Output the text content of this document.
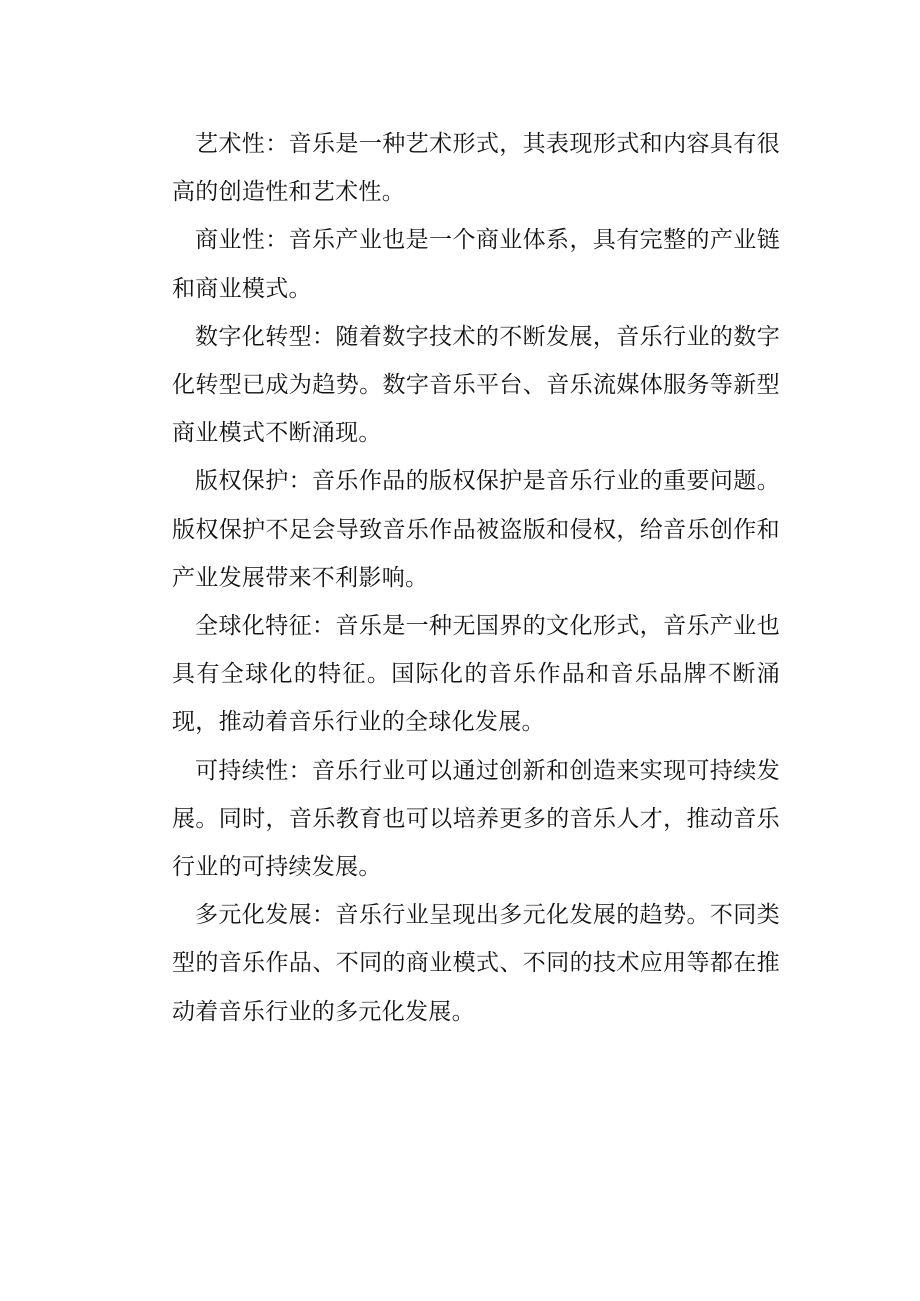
艺术性：音乐是一种艺术形式，其表现形式和内容具有很高的创造性和艺术性。

商业性：音乐产业也是一个商业体系，具有完整的产业链和商业模式。

数字化转型：随着数字技术的不断发展，音乐行业的数字化转型已成为趋势。数字音乐平台、音乐流媒体服务等新型商业模式不断涌现。

版权保护：音乐作品的版权保护是音乐行业的重要问题。版权保护不足会导致音乐作品被盗版和侵权，给音乐创作和产业发展带来不利影响。

全球化特征：音乐是一种无国界的文化形式，音乐产业也具有全球化的特征。国际化的音乐作品和音乐品牌不断涌现，推动着音乐行业的全球化发展。

可持续性：音乐行业可以通过创新和创造来实现可持续发展。同时，音乐教育也可以培养更多的音乐人才，推动音乐行业的可持续发展。

多元化发展：音乐行业呈现出多元化发展的趋势。不同类型的音乐作品、不同的商业模式、不同的技术应用等都在推动着音乐行业的多元化发展。
